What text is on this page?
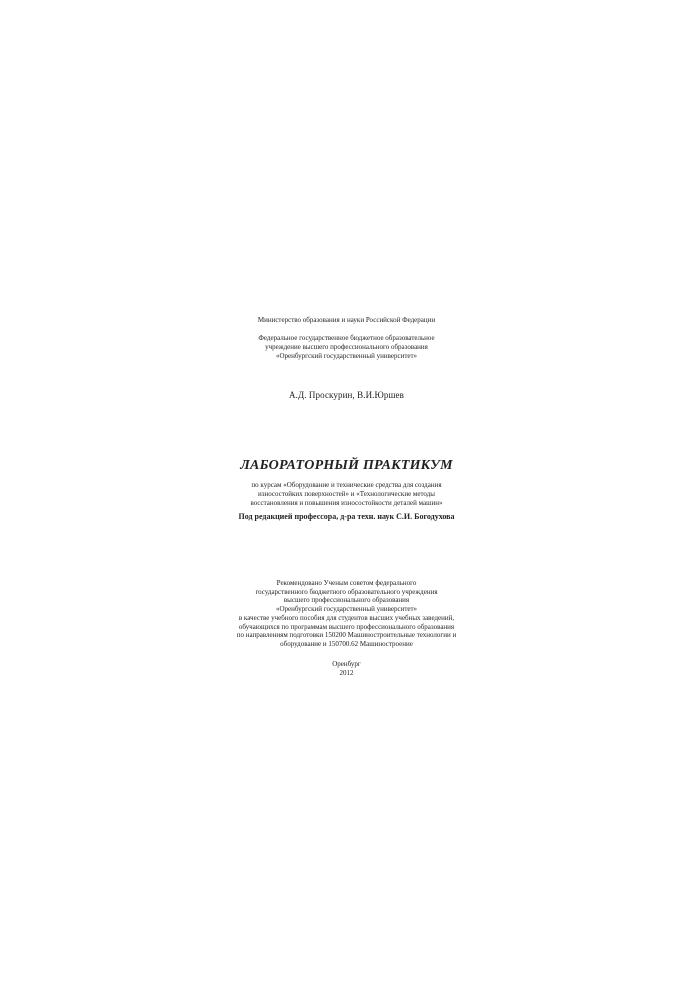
Министерство образования и науки Российской Федерации
Федеральное государственное бюджетное образовательное
учреждение высшего профессионального образования
«Оренбургский государственный университет»
А.Д. Проскурин, В.И.Юршев
ЛАБОРАТОРНЫЙ ПРАКТИКУМ
по курсам «Оборудование и технические средства для создания
износостойких поверхностей» и «Технологические методы
восстановления и повышения износостойкости деталей машин»
Под редакцией профессора, д-ра техн. наук С.И. Богодухова
Рекомендовано Ученым советом федерального
государственного бюджетного образовательного учреждения
высшего профессионального образования
«Оренбургский государственный университет»
в качестве учебного пособия для студентов высших учебных заведений,
обучающихся по программам высшего профессионального образования
по направлениям подготовки 150200 Машиностроительные технологии и
оборудование и 150700.62 Машиностроение
Оренбург
2012
